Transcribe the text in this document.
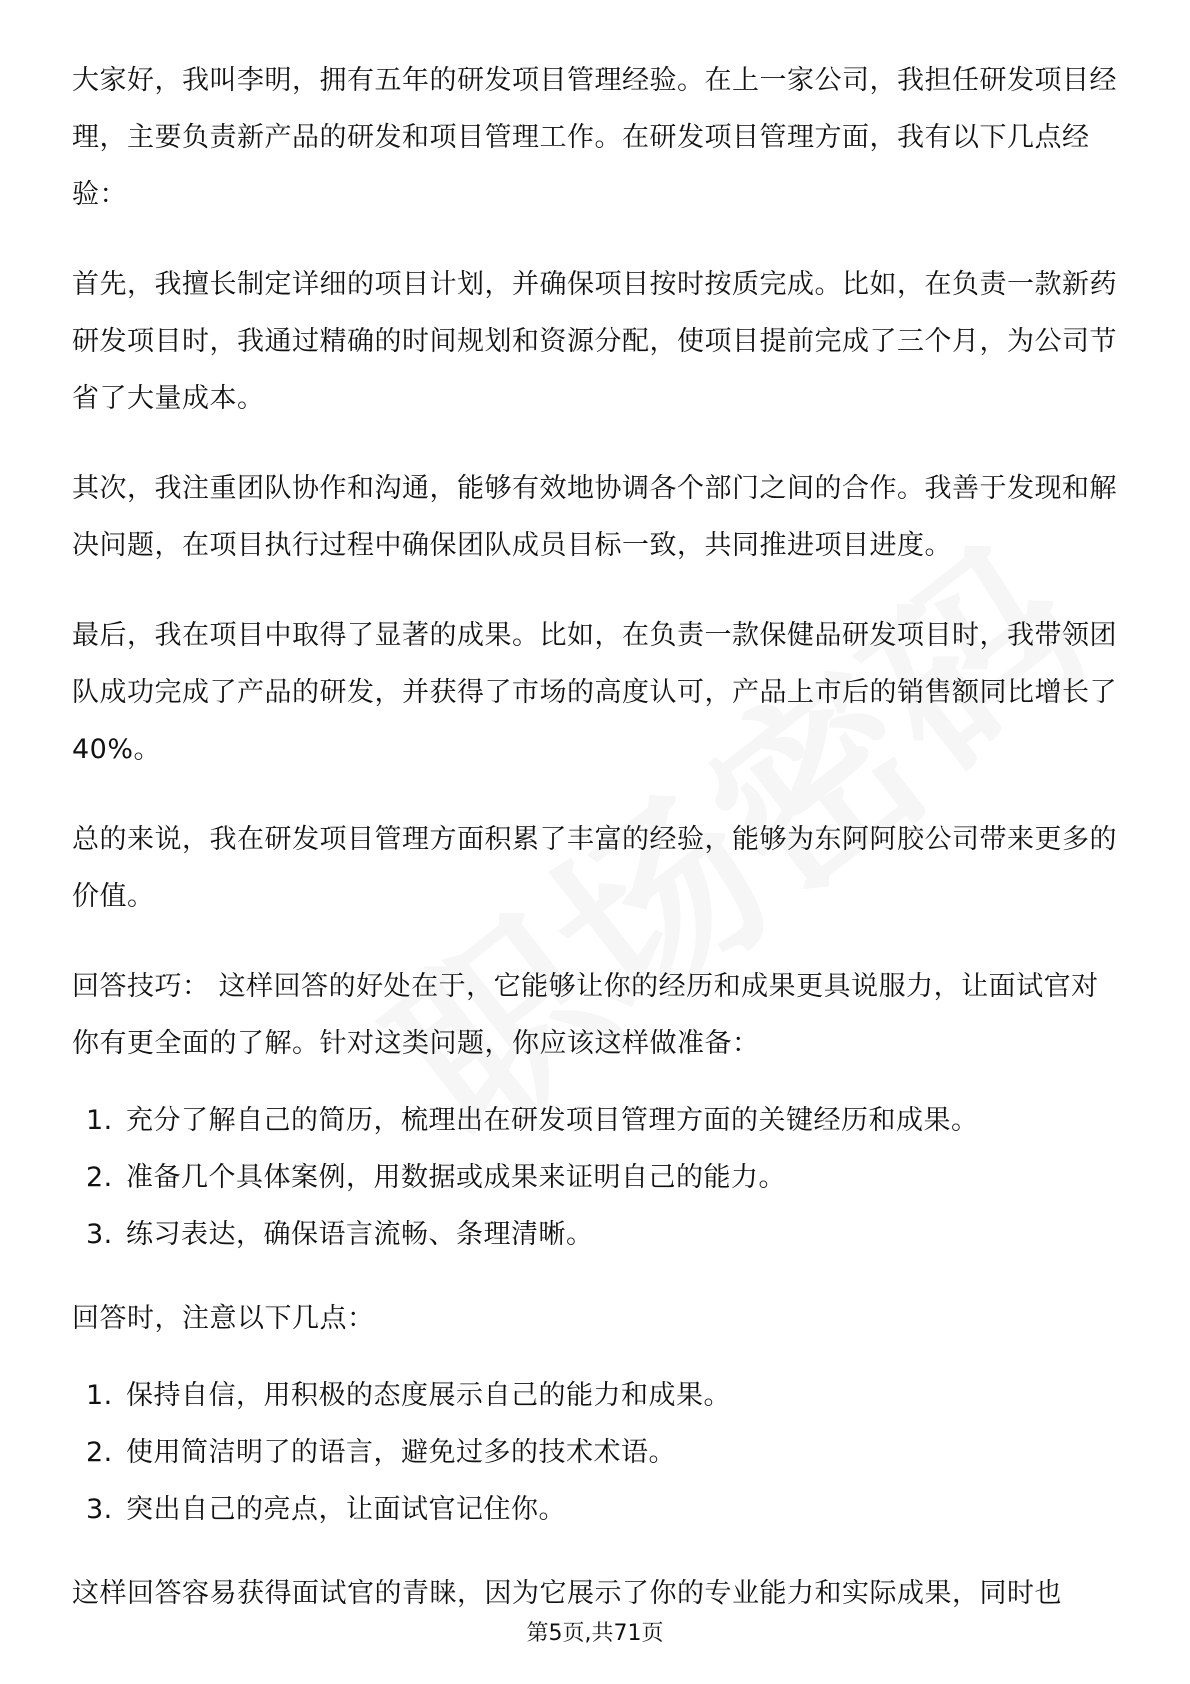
大家好，我叫李明，拥有五年的研发项目管理经验。在上一家公司，我担任研发项目经理，主要负责新产品的研发和项目管理工作。在研发项目管理方面，我有以下几点经验：

首先，我擅长制定详细的项目计划，并确保项目按时按质完成。比如，在负责一款新药研发项目时，我通过精确的时间规划和资源分配，使项目提前完成了三个月，为公司节省了大量成本。

其次，我注重团队协作和沟通，能够有效地协调各个部门之间的合作。我善于发现和解决问题，在项目执行过程中确保团队成员目标一致，共同推进项目进度。

最后，我在项目中取得了显著的成果。比如，在负责一款保健品研发项目时，我带领团队成功完成了产品的研发，并获得了市场的高度认可，产品上市后的销售额同比增长了40%。

总的来说，我在研发项目管理方面积累了丰富的经验，能够为东阿阿胶公司带来更多的价值。

回答技巧： 这样回答的好处在于，它能够让你的经历和成果更具说服力，让面试官对你有更全面的了解。针对这类问题，你应该这样做准备：

1. 充分了解自己的简历，梳理出在研发项目管理方面的关键经历和成果。
2. 准备几个具体案例，用数据或成果来证明自己的能力。
3. 练习表达，确保语言流畅、条理清晰。

回答时，注意以下几点：

1. 保持自信，用积极的态度展示自己的能力和成果。
2. 使用简洁明了的语言，避免过多的技术术语。
3. 突出自己的亮点，让面试官记住你。

这样回答容易获得面试官的青睐，因为它展示了你的专业能力和实际成果，同时也

第5页,共71页
